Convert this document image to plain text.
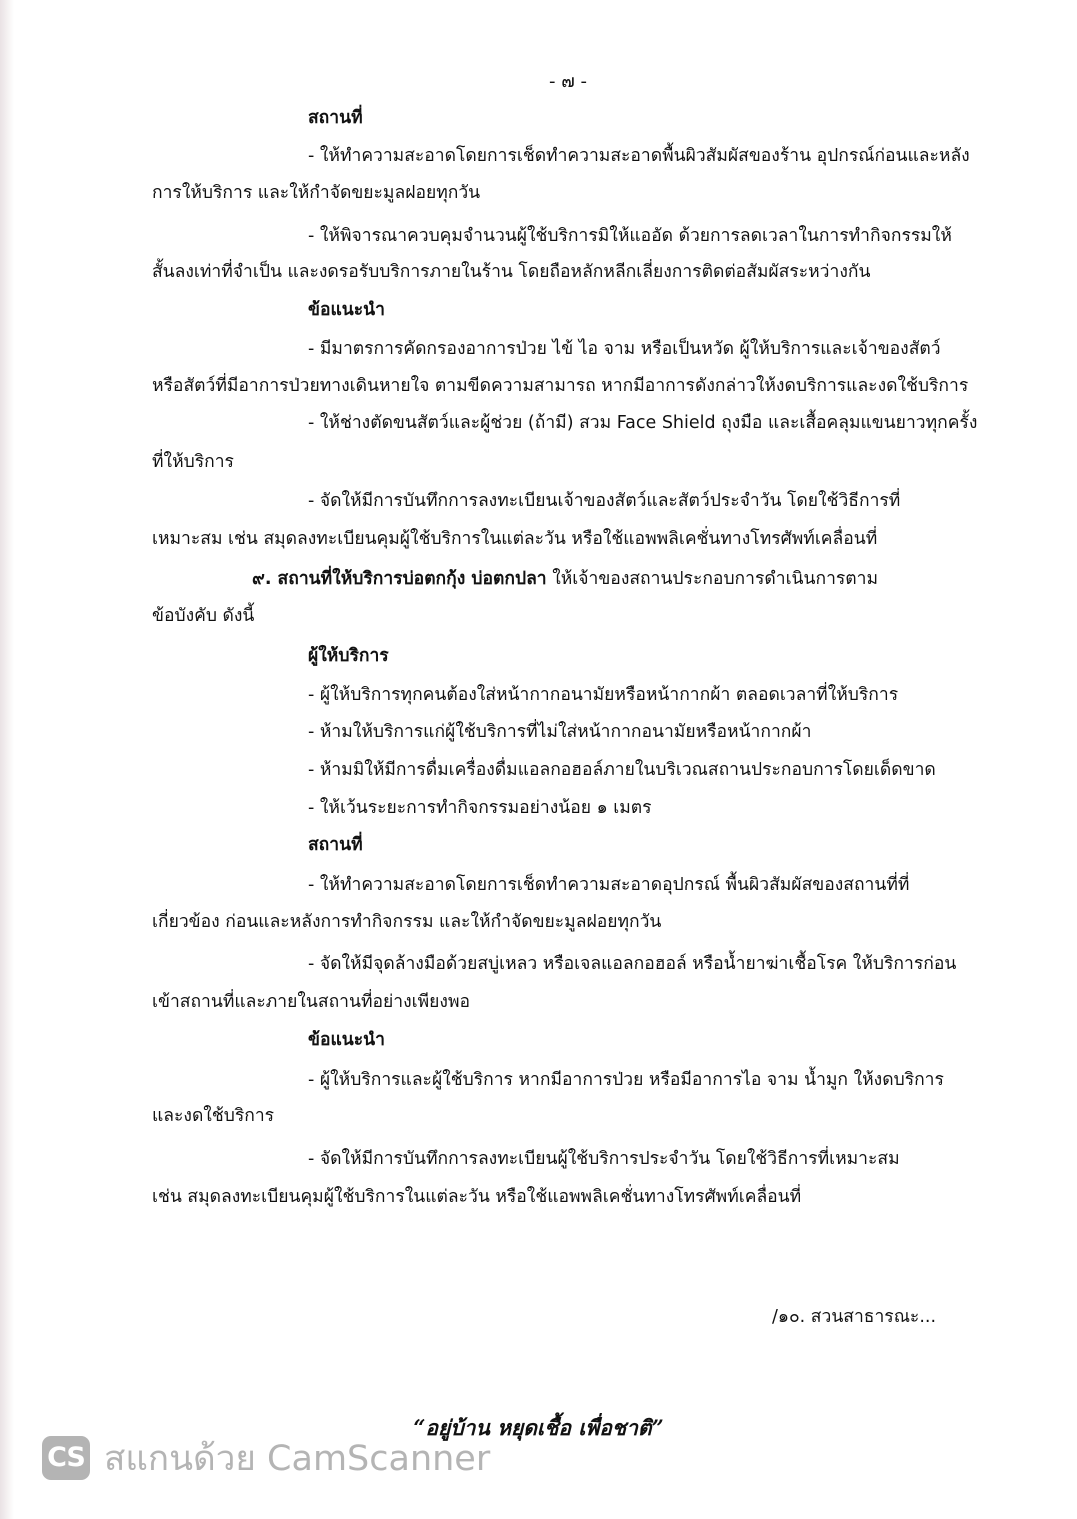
- ๗ -
สถานที่
- ให้ทำความสะอาดโดยการเช็ดทำความสะอาดพื้นผิวสัมผัสของร้าน อุปกรณ์ก่อนและหลัง
การให้บริการ และให้กำจัดขยะมูลฝอยทุกวัน
- ให้พิจารณาควบคุมจำนวนผู้ใช้บริการมิให้แออัด ด้วยการลดเวลาในการทำกิจกรรมให้
สั้นลงเท่าที่จำเป็น และงดรอรับบริการภายในร้าน โดยถือหลักหลีกเลี่ยงการติดต่อสัมผัสระหว่างกัน
ข้อแนะนำ
- มีมาตรการคัดกรองอาการป่วย ไข้ ไอ จาม หรือเป็นหวัด ผู้ให้บริการและเจ้าของสัตว์
หรือสัตว์ที่มีอาการป่วยทางเดินหายใจ ตามขีดความสามารถ หากมีอาการดังกล่าวให้งดบริการและงดใช้บริการ
- ให้ช่างตัดขนสัตว์และผู้ช่วย (ถ้ามี) สวม Face Shield ถุงมือ และเสื้อคลุมแขนยาวทุกครั้ง
ที่ให้บริการ
- จัดให้มีการบันทึกการลงทะเบียนเจ้าของสัตว์และสัตว์ประจำวัน โดยใช้วิธีการที่
เหมาะสม เช่น สมุดลงทะเบียนคุมผู้ใช้บริการในแต่ละวัน หรือใช้แอพพลิเคชั่นทางโทรศัพท์เคลื่อนที่
๙. สถานที่ให้บริการบ่อตกกุ้ง บ่อตกปลา ให้เจ้าของสถานประกอบการดำเนินการตาม
ข้อบังคับ ดังนี้
ผู้ให้บริการ
- ผู้ให้บริการทุกคนต้องใส่หน้ากากอนามัยหรือหน้ากากผ้า ตลอดเวลาที่ให้บริการ
- ห้ามให้บริการแก่ผู้ใช้บริการที่ไม่ใส่หน้ากากอนามัยหรือหน้ากากผ้า
- ห้ามมิให้มีการดื่มเครื่องดื่มแอลกอฮอล์ภายในบริเวณสถานประกอบการโดยเด็ดขาด
- ให้เว้นระยะการทำกิจกรรมอย่างน้อย ๑ เมตร
สถานที่
- ให้ทำความสะอาดโดยการเช็ดทำความสะอาดอุปกรณ์ พื้นผิวสัมผัสของสถานที่ที่
เกี่ยวข้อง ก่อนและหลังการทำกิจกรรม และให้กำจัดขยะมูลฝอยทุกวัน
- จัดให้มีจุดล้างมือด้วยสบู่เหลว หรือเจลแอลกอฮอล์ หรือน้ำยาฆ่าเชื้อโรค ให้บริการก่อน
เข้าสถานที่และภายในสถานที่อย่างเพียงพอ
ข้อแนะนำ
- ผู้ให้บริการและผู้ใช้บริการ หากมีอาการป่วย หรือมีอาการไอ จาม น้ำมูก ให้งดบริการ
และงดใช้บริการ
- จัดให้มีการบันทึกการลงทะเบียนผู้ใช้บริการประจำวัน โดยใช้วิธีการที่เหมาะสม
เช่น สมุดลงทะเบียนคุมผู้ใช้บริการในแต่ละวัน หรือใช้แอพพลิเคชั่นทางโทรศัพท์เคลื่อนที่
/๑๐. สวนสาธารณะ...
“อยู่บ้าน หยุดเชื้อ เพื่อชาติ”
CS สแกนด้วย CamScanner
